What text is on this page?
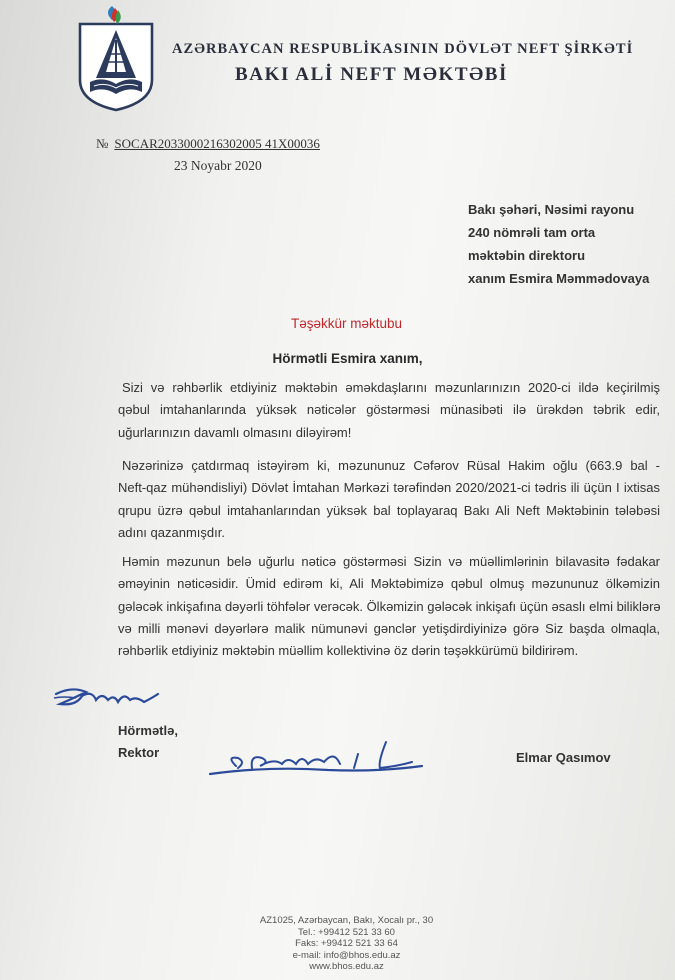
AZƏRBAYCAN RESPUBLİKASININ DÖVLƏT NEFT ŞİRKƏTİ
BAKI ALİ NEFT MƏKTƏBİ
№ SOCAR2033000216302005 41X00036
23 Noyabr 2020
Bakı şəhəri, Nəsimi rayonu
240 nömrəli tam orta
məktəbin direktoru
xanım Esmira Məmmədovaya
Təşəkkür məktubu
Hörmətli Esmira xanım,
Sizi və rəhbərlik etdiyiniz məktəbin əməkdaşlarını məzunlarınızın 2020-ci ildə keçirilmiş
qəbul imtahanlarında yüksək nəticələr göstərməsi münasibəti ilə ürəkdən təbrik edir,
uğurlarınızın davamlı olmasını diləyirəm!
Nəzərinizə çatdırmaq istəyirəm ki, məzununuz Cəfərov Rüsal Hakim oğlu (663.9 bal -
Neft-qaz mühəndisliyi) Dövlət İmtahan Mərkəzi tərəfindən 2020/2021-ci tədris ili üçün I ixtisas
qrupu üzrə qəbul imtahanlarından yüksək bal toplayaraq Bakı Ali Neft Məktəbinin tələbəsi
adını qazanmışdır.
Həmin məzunun belə uğurlu nəticə göstərməsi Sizin və müəllimlərinin bilavasitə fədakar
əməyinin nəticəsidir. Ümid edirəm ki, Ali Məktəbimizə qəbul olmuş məzununuz ölkəmizin
gələcək inkişafına dəyərli töhfələr verəcək. Ölkəmizin gələcək inkişafı üçün əsaslı elmi biliklərə
və milli mənəvi dəyərlərə malik nümunəvi gənclər yetişdirdiyinizə görə Siz başda olmaqla,
rəhbərlik etdiyiniz məktəbin müəllim kollektivinə öz dərin təşəkkürümü bildirirəm.
Hörmətlə,
Rektor	Elmar Qasımov
AZ1025, Azərbaycan, Bakı, Xocalı pr., 30
Tel.: +99412 521 33 60
Faks: +99412 521 33 64
e-mail: info@bhos.edu.az
www.bhos.edu.az
